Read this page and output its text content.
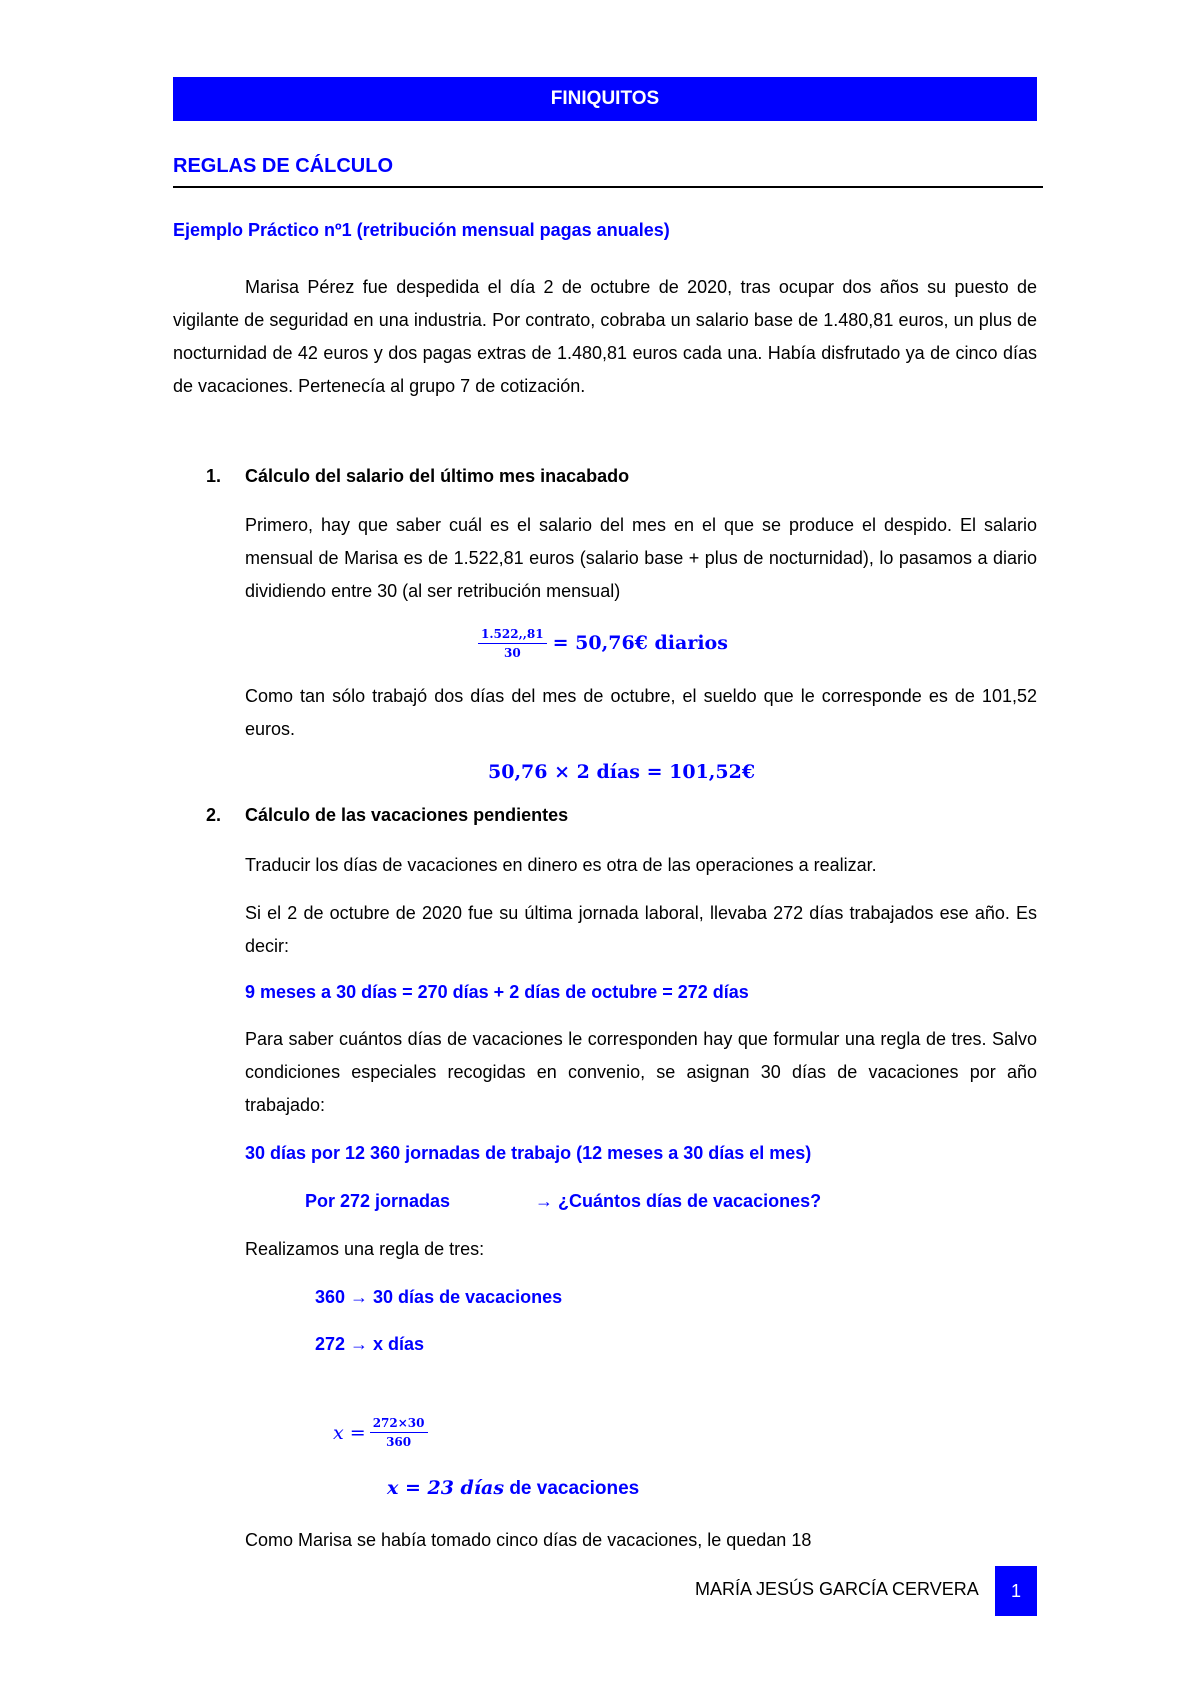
FINIQUITOS
REGLAS DE CÁLCULO
Ejemplo Práctico nº1 (retribución mensual pagas anuales)
Marisa Pérez fue despedida el día 2 de octubre de 2020, tras ocupar dos años su puesto de vigilante de seguridad en una industria. Por contrato, cobraba un salario base de 1.480,81 euros, un plus de nocturnidad de 42 euros y dos pagas extras de 1.480,81 euros cada una. Había disfrutado ya de cinco días de vacaciones. Pertenecía al grupo 7 de cotización.
1. Cálculo del salario del último mes inacabado
Primero, hay que saber cuál es el salario del mes en el que se produce el despido. El salario mensual de Marisa es de 1.522,81 euros (salario base + plus de nocturnidad), lo pasamos a diario dividiendo entre 30 (al ser retribución mensual)
$\frac{1.522,,81}{30}$ = 50,76€ diarios
Como tan sólo trabajó dos días del mes de octubre, el sueldo que le corresponde es de 101,52 euros.
50,76 × 2 días = 101,52€
2. Cálculo de las vacaciones pendientes
Traducir los días de vacaciones en dinero es otra de las operaciones a realizar.
Si el 2 de octubre de 2020 fue su última jornada laboral, llevaba 272 días trabajados ese año. Es decir:
9 meses a 30 días = 270 días + 2 días de octubre = 272 días
Para saber cuántos días de vacaciones le corresponden hay que formular una regla de tres. Salvo condiciones especiales recogidas en convenio, se asignan 30 días de vacaciones por año trabajado:
30 días por 12 360 jornadas de trabajo (12 meses a 30 días el mes)
Por 272 jornadas	→ ¿Cuántos días de vacaciones?
Realizamos una regla de tres:
360 → 30 días de vacaciones
272 → x días
$x = \frac{272\times 30}{360}$
x = 23 días de vacaciones
Como Marisa se había tomado cinco días de vacaciones, le quedan 18
MARÍA JESÚS GARCÍA CERVERA	1
